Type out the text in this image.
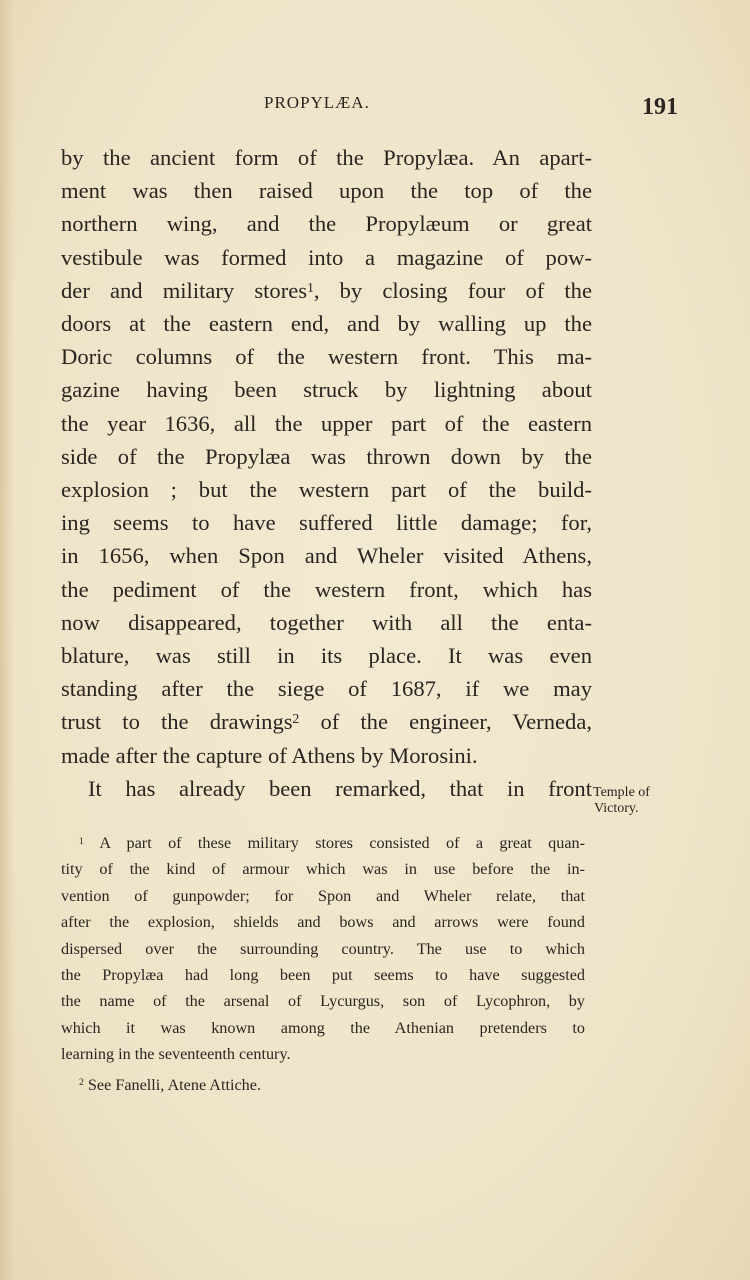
PROPYLÆA.	191
by the ancient form of the Propylæa. An apart-
ment was then raised upon the top of the
northern wing, and the Propylæum or great
vestibule was formed into a magazine of pow-
der and military stores$^1$, by closing four of the
doors at the eastern end, and by walling up the
Doric columns of the western front. This ma-
gazine having been struck by lightning about
the year 1636, all the upper part of the eastern
side of the Propylæa was thrown down by the
explosion ; but the western part of the build-
ing seems to have suffered little damage; for,
in 1656, when Spon and Wheler visited Athens,
the pediment of the western front, which has
now disappeared, together with all the enta-
blature, was still in its place. It was even
standing after the siege of 1687, if we may
trust to the drawings$^2$ of the engineer, Verneda,
made after the capture of Athens by Morosini.
It has already been remarked, that in front Temple of
Victory.
$^1$ A part of these military stores consisted of a great quan-
tity of the kind of armour which was in use before the in-
vention of gunpowder; for Spon and Wheler relate, that
after the explosion, shields and bows and arrows were found
dispersed over the surrounding country. The use to which
the Propylæa had long been put seems to have suggested
the name of the arsenal of Lycurgus, son of Lycophron, by
which it was known among the Athenian pretenders to
learning in the seventeenth century.
$^2$ See Fanelli, Atene Attiche.
